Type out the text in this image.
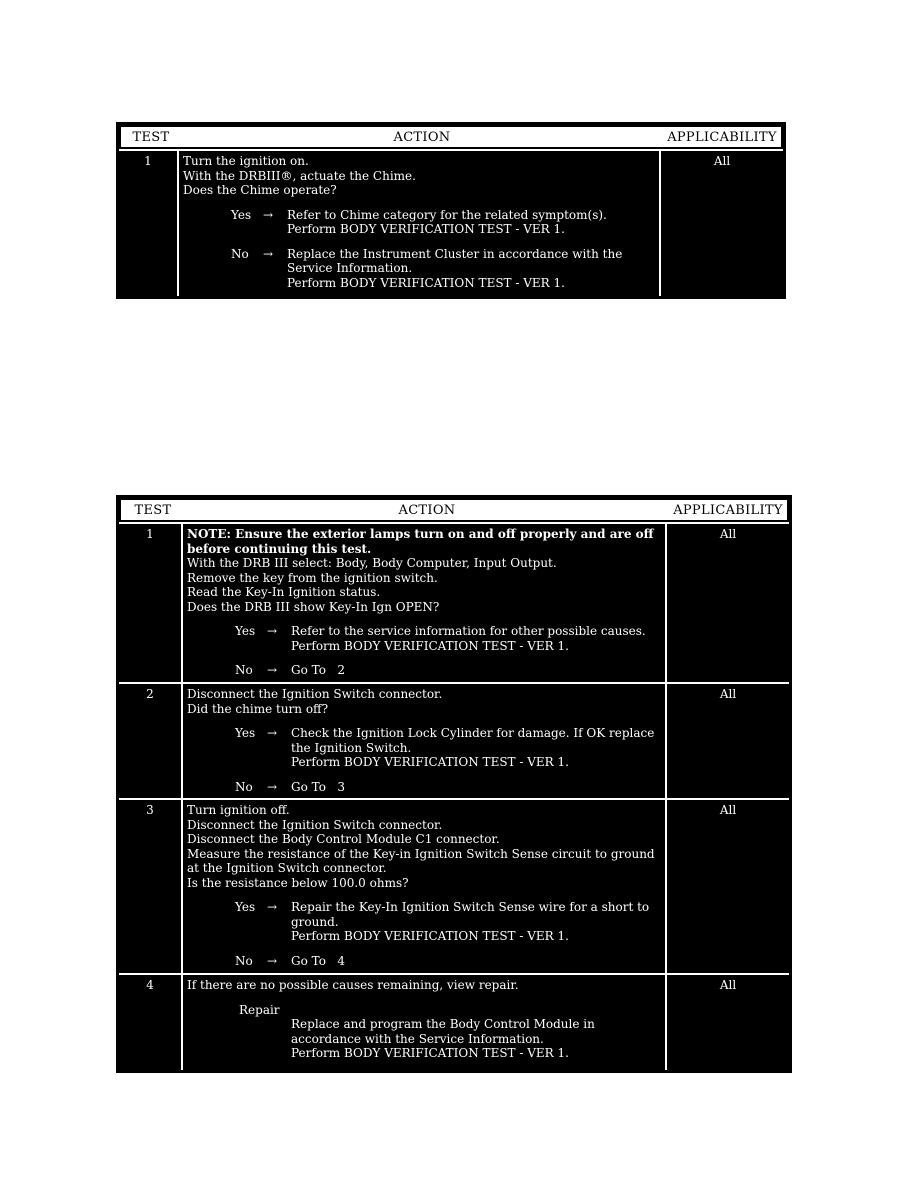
TEST	ACTION	APPLICABILITY
1	Turn the ignition on.
With the DRBIII®, actuate the Chime.
Does the Chime operate?
Yes →	Refer to Chime category for the related symptom(s).
Perform BODY VERIFICATION TEST - VER 1.
No	→	Replace the Instrument Cluster in accordance with the Service Information.
Perform BODY VERIFICATION TEST - VER 1.
All
TEST	ACTION	APPLICABILITY
1	NOTE: Ensure the exterior lamps turn on and off properly and are off before continuing this test.
With the DRB III select: Body, Body Computer, Input Output.
Remove the key from the ignition switch.
Read the Key-In Ignition status.
Does the DRB III show Key-In Ign OPEN?
Yes →	Refer to the service information for other possible causes.
Perform BODY VERIFICATION TEST - VER 1.
No	→	Go To   2
All
2	Disconnect the Ignition Switch connector.
Did the chime turn off?
Yes →	Check the Ignition Lock Cylinder for damage. If OK replace the Ignition Switch.
Perform BODY VERIFICATION TEST - VER 1.
No	→	Go To   3
All
3	Turn ignition off.
Disconnect the Ignition Switch connector.
Disconnect the Body Control Module C1 connector.
Measure the resistance of the Key-in Ignition Switch Sense circuit to ground at the Ignition Switch connector.
Is the resistance below 100.0 ohms?
Yes →	Repair the Key-In Ignition Switch Sense wire for a short to ground.
Perform BODY VERIFICATION TEST - VER 1.
No	→	Go To   4
All
4	If there are no possible causes remaining, view repair.
Repair
Replace and program the Body Control Module in accordance with the Service Information.
Perform BODY VERIFICATION TEST - VER 1.
All
